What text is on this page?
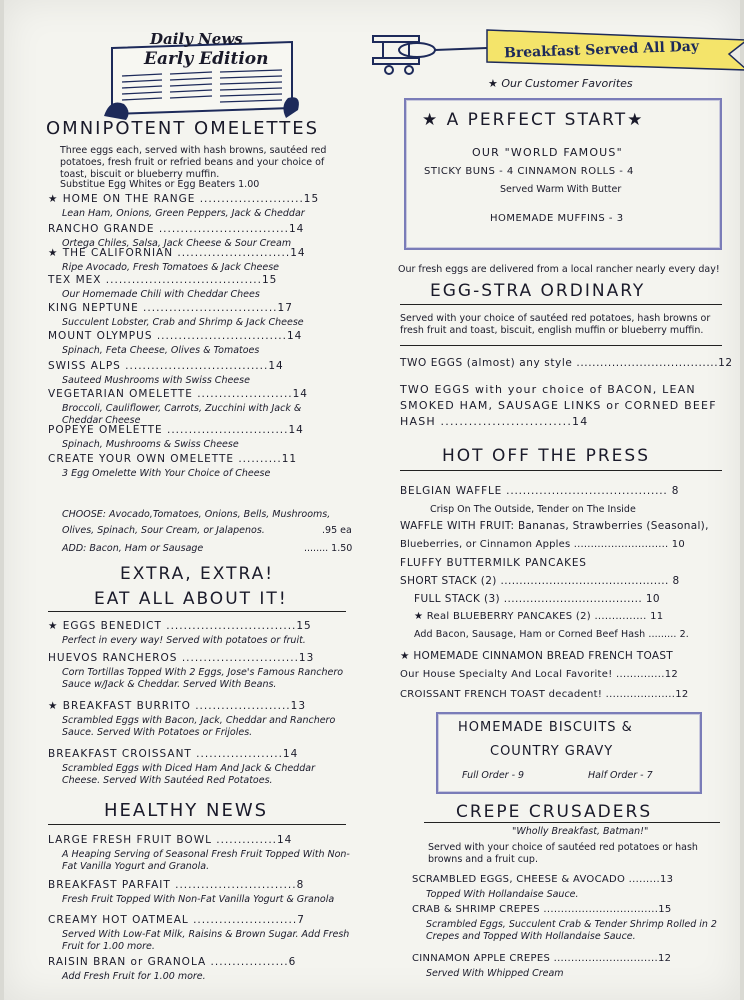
Daily News
Early Edition	Breakfast Served All Day
★ Our Customer Favorites
OMNIPOTENT OMELETTES
Three eggs each, served with hash browns, sautéed red potatoes, fresh fruit or refried beans and your choice of toast, biscuit or blueberry muffin.
Substitue Egg Whites or Egg Beaters 1.00
★ HOME ON THE RANGE ........................15
Lean Ham, Onions, Green Peppers, Jack & Cheddar
RANCHO GRANDE ..............................14
Ortega Chiles, Salsa, Jack Cheese & Sour Cream
★ THE CALIFORNIAN ..........................14
Ripe Avocado, Fresh Tomatoes & Jack Cheese
TEX MEX ....................................15
Our Homemade Chili with Cheddar Chees
KING NEPTUNE ...............................17
Succulent Lobster, Crab and Shrimp & Jack Cheese
MOUNT OLYMPUS ..............................14
Spinach, Feta Cheese, Olives & Tomatoes
SWISS ALPS .................................14
Sauteed Mushrooms with Swiss Cheese
VEGETARIAN OMELETTE ......................14
Broccoli, Cauliflower, Carrots, Zucchini with Jack & Cheddar Cheese
POPEYE OMELETTE ............................14
Spinach, Mushrooms & Swiss Cheese
CREATE YOUR OWN OMELETTE ..........11
3 Egg Omelette With Your Choice of Cheese
CHOOSE: Avocado,Tomatoes, Onions, Bells, Mushrooms,
Olives, Spinach, Sour Cream, or Jalapenos.	.95 ea
ADD: Bacon, Ham or Sausage	........ 1.50
EXTRA, EXTRA!
EAT ALL ABOUT IT!
★ EGGS BENEDICT ..............................15
Perfect in every way! Served with potatoes or fruit.
HUEVOS RANCHEROS ...........................13
Corn Tortillas Topped With 2 Eggs, Jose's Famous Ranchero Sauce w/Jack & Cheddar. Served With Beans.
★ BREAKFAST BURRITO ......................13
Scrambled Eggs with Bacon, Jack, Cheddar and Ranchero Sauce. Served With Potatoes or Frijoles.
BREAKFAST CROISSANT ....................14
Scrambled Eggs with Diced Ham And Jack & Cheddar Cheese. Served With Sautéed Red Potatoes.
HEALTHY NEWS
LARGE FRESH FRUIT BOWL ..............14
A Heaping Serving of Seasonal Fresh Fruit Topped With Non-Fat Vanilla Yogurt and Granola.
BREAKFAST PARFAIT ............................8
Fresh Fruit Topped With Non-Fat Vanilla Yogurt & Granola
CREAMY HOT OATMEAL ........................7
Served With Low-Fat Milk, Raisins & Brown Sugar. Add Fresh Fruit for 1.00 more.
RAISIN BRAN or GRANOLA ..................6
Add Fresh Fruit for 1.00 more.
★ A PERFECT START★
OUR "WORLD FAMOUS"
STICKY BUNS - 4 CINNAMON ROLLS - 4
Served Warm With Butter
HOMEMADE MUFFINS - 3
Our fresh eggs are delivered from a local rancher nearly every day!
EGG-STRA ORDINARY
Served with your choice of sautéed red potatoes, hash browns or fresh fruit and toast, biscuit, english muffin or blueberry muffin.
TWO EGGS (almost) any style ....................................12
TWO EGGS with your choice of BACON, LEAN
SMOKED HAM, SAUSAGE LINKS or CORNED BEEF
HASH ............................14
HOT OFF THE PRESS
BELGIAN WAFFLE ....................................... 8
Crisp On The Outside, Tender on The Inside
WAFFLE WITH FRUIT: Bananas, Strawberries (Seasonal),
Blueberries, or Cinnamon Apples ............................ 10
FLUFFY BUTTERMILK PANCAKES
SHORT STACK (2) ............................................. 8
FULL STACK (3) ..................................... 10
★ Real BLUEBERRY PANCAKES (2) ............... 11
Add Bacon, Sausage, Ham or Corned Beef Hash ......... 2.
★ HOMEMADE CINNAMON BREAD FRENCH TOAST
Our House Specialty And Local Favorite! ..............12
CROISSANT FRENCH TOAST decadent! ....................12
HOMEMADE BISCUITS &
COUNTRY GRAVY
Full Order - 9	Half Order - 7
CREPE CRUSADERS
"Wholly Breakfast, Batman!"
Served with your choice of sautéed red potatoes or hash browns and a fruit cup.
SCRAMBLED EGGS, CHEESE & AVOCADO .........13
Topped With Hollandaise Sauce.
CRAB & SHRIMP CREPES .................................15
Scrambled Eggs, Succulent Crab & Tender Shrimp Rolled in 2 Crepes and Topped With Hollandaise Sauce.
CINNAMON APPLE CREPES ..............................12
Served With Whipped Cream
